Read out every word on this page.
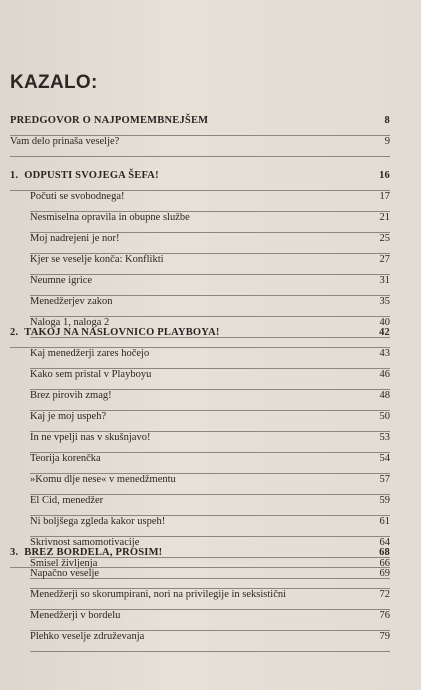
KAZALO:
PREDGOVOR O NAJPOMEMBNEJŠEM	8
Vam delo prinaša veselje?	9
1. ODPUSTI SVOJEGA ŠEFA!	16
Počuti se svobodnega!	17
Nesmiselna opravila in obupne službe	21
Moj nadrejeni je nor!	25
Kjer se veselje konča: Konflikti	27
Neumne igrice	31
Menedžerjev zakon	35
Naloga 1, naloga 2	40
2. TAKOJ NA NASLOVNICO PLAYBOYA!	42
Kaj menedžerji zares hočejo	43
Kako sem pristal v Playboyu	46
Brez pirovih zmag!	48
Kaj je moj uspeh?	50
In ne vpelji nas v skušnjavo!	53
Teorija korenčka	54
»Komu dlje nese« v menedžmentu	57
El Cid, menedžer	59
Ni boljšega zgleda kakor uspeh!	61
Skrivnost samomotivacije	64
Smisel življenja	66
3. BREZ BORDELA, PROSIM!	68
Napačno veselje	69
Menedžerji so skorumpirani, nori na privilegije in seksistični	72
Menedžerji v bordelu	76
Plehko veselje združevanja	79
